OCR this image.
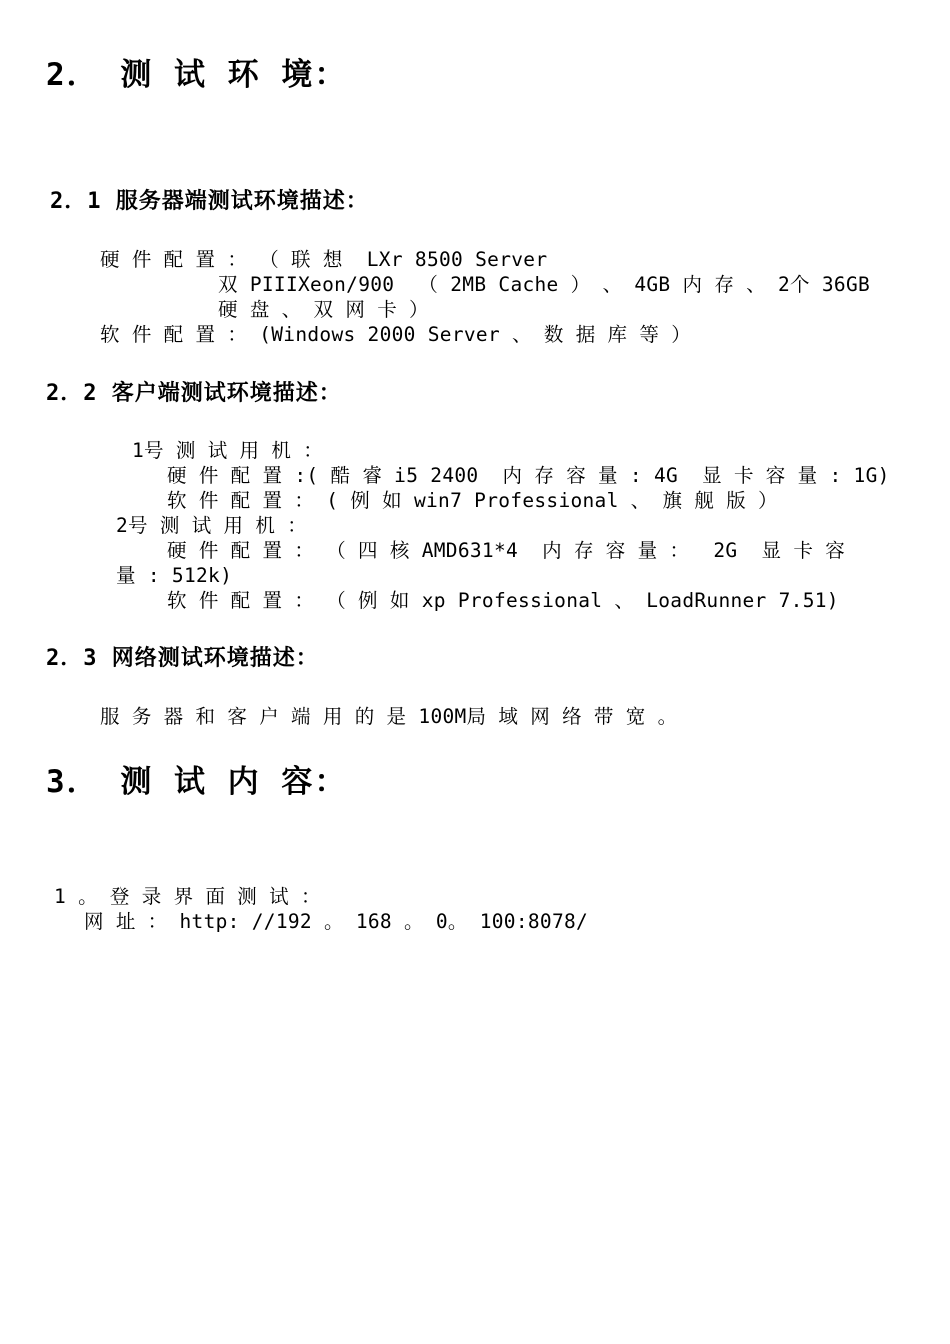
2． 测 试 环 境：
2．1 服务器端测试环境描述：
硬 件 配 置 ： （ 联 想  LXr 8500 Server
双 PIIIXeon/900  （ 2MB Cache ） 、 4GB 内 存 、 2个 36GB
硬 盘 、 双 网 卡 ）
软 件 配 置 ： (Windows 2000 Server 、 数 据 库 等 ）
2．2 客户端测试环境描述：
1号 测 试 用 机 ：
硬 件 配 置 :( 酷 睿 i5 2400  内 存 容 量 : 4G  显 卡 容 量 : 1G)
软 件 配 置 ： ( 例 如 win7 Professional 、 旗 舰 版 ）
2号 测 试 用 机 ：
硬 件 配 置 ： （ 四 核 AMD631*4  内 存 容 量 ：  2G  显 卡 容
量 : 512k)
软 件 配 置 ： （ 例 如 xp Professional 、 LoadRunner 7.51)
2．3 网络测试环境描述：
服 务 器 和 客 户 端 用 的 是 100M局 域 网 络 带 宽 。
3． 测 试 内 容：
1 。 登 录 界 面 测 试 ：
网 址 ： http: //192 。 168 。 0。 100:8078/
